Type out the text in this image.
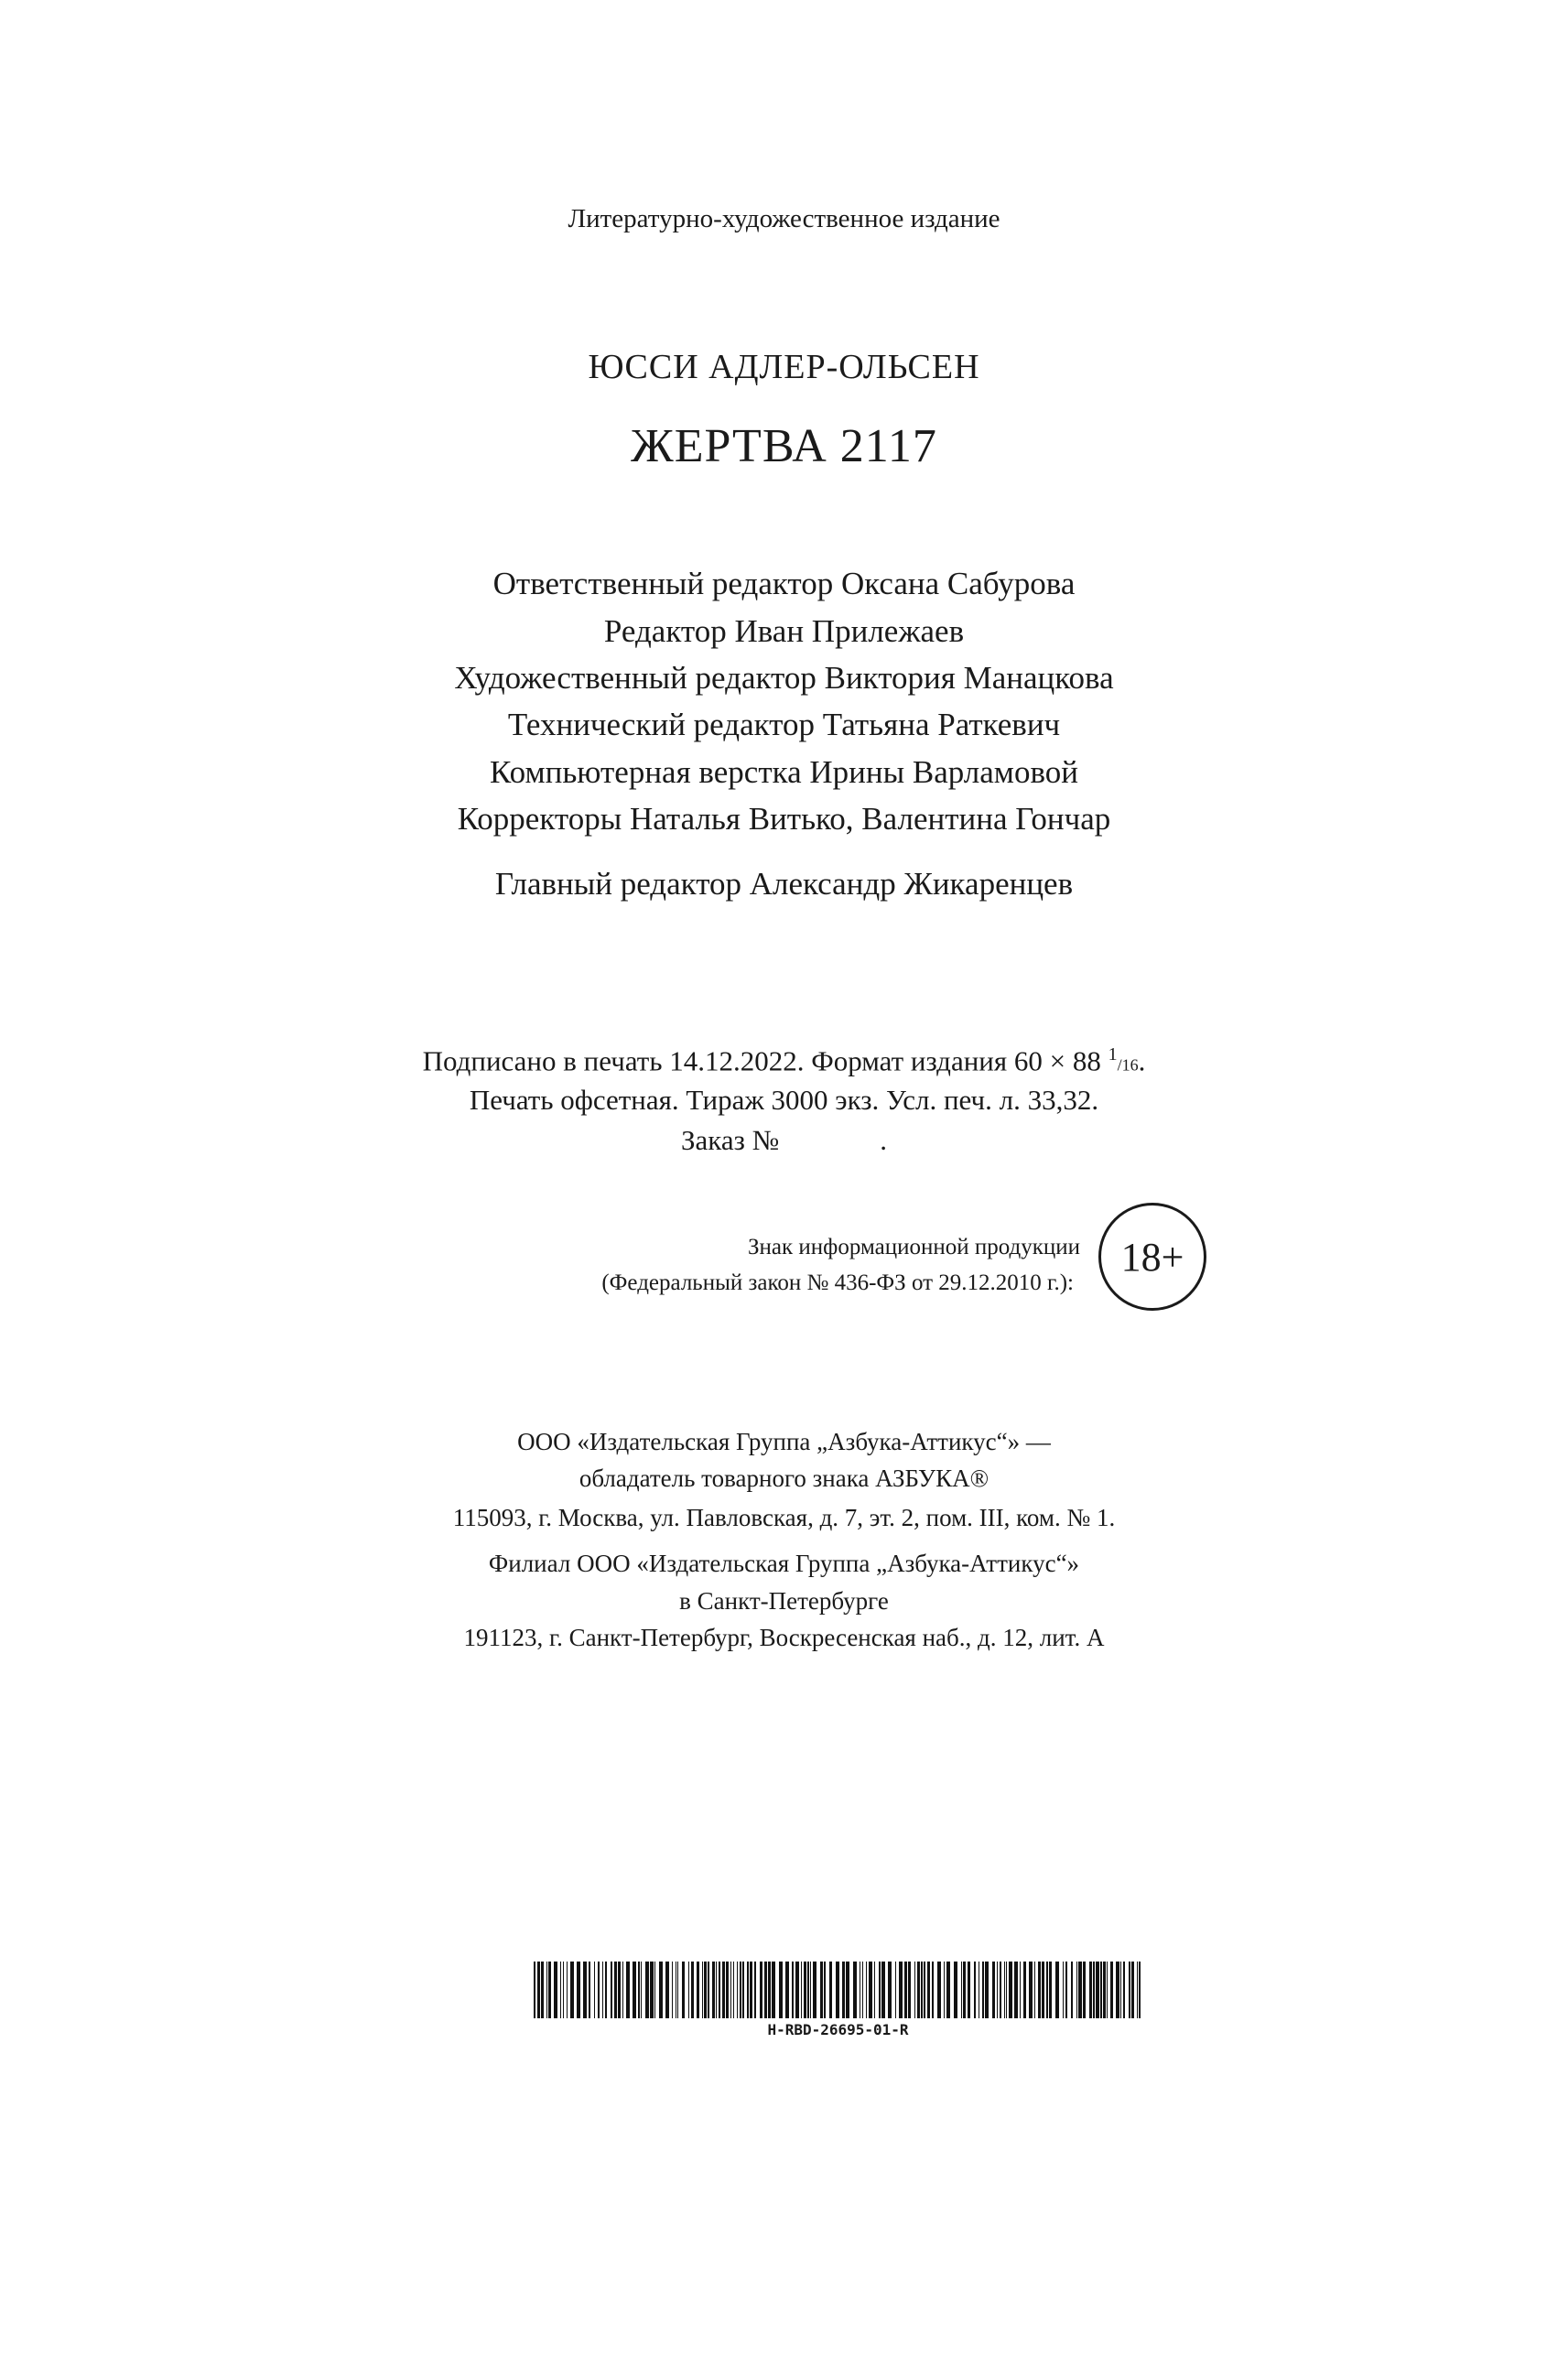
Литературно-художественное издание
ЮССИ АДЛЕР-ОЛЬСЕН
ЖЕРТВА 2117
Ответственный редактор Оксана Сабурова
Редактор Иван Прилежаев
Художественный редактор Виктория Манацкова
Технический редактор Татьяна Раткевич
Компьютерная верстка Ирины Варламовой
Корректоры Наталья Витько, Валентина Гончар
Главный редактор Александр Жикаренцев
Подписано в печать 14.12.2022. Формат издания 60 × 88 $^1$/16.
Печать офсетная. Тираж 3000 экз. Усл. печ. л. 33,32.
Заказ №	.
Знак информационной продукции
(Федеральный закон № 436-ФЗ от 29.12.2010 г.):
18+
ООО «Издательская Группа „Азбука-Аттикус“» —
обладатель товарного знака АЗБУКА®
115093, г. Москва, ул. Павловская, д. 7, эт. 2, пом. III, ком. № 1.
Филиал ООО «Издательская Группа „Азбука-Аттикус“»
в Санкт-Петербурге
191123, г. Санкт-Петербург, Воскресенская наб., д. 12, лит. А
H-RBD-26695-01-R
